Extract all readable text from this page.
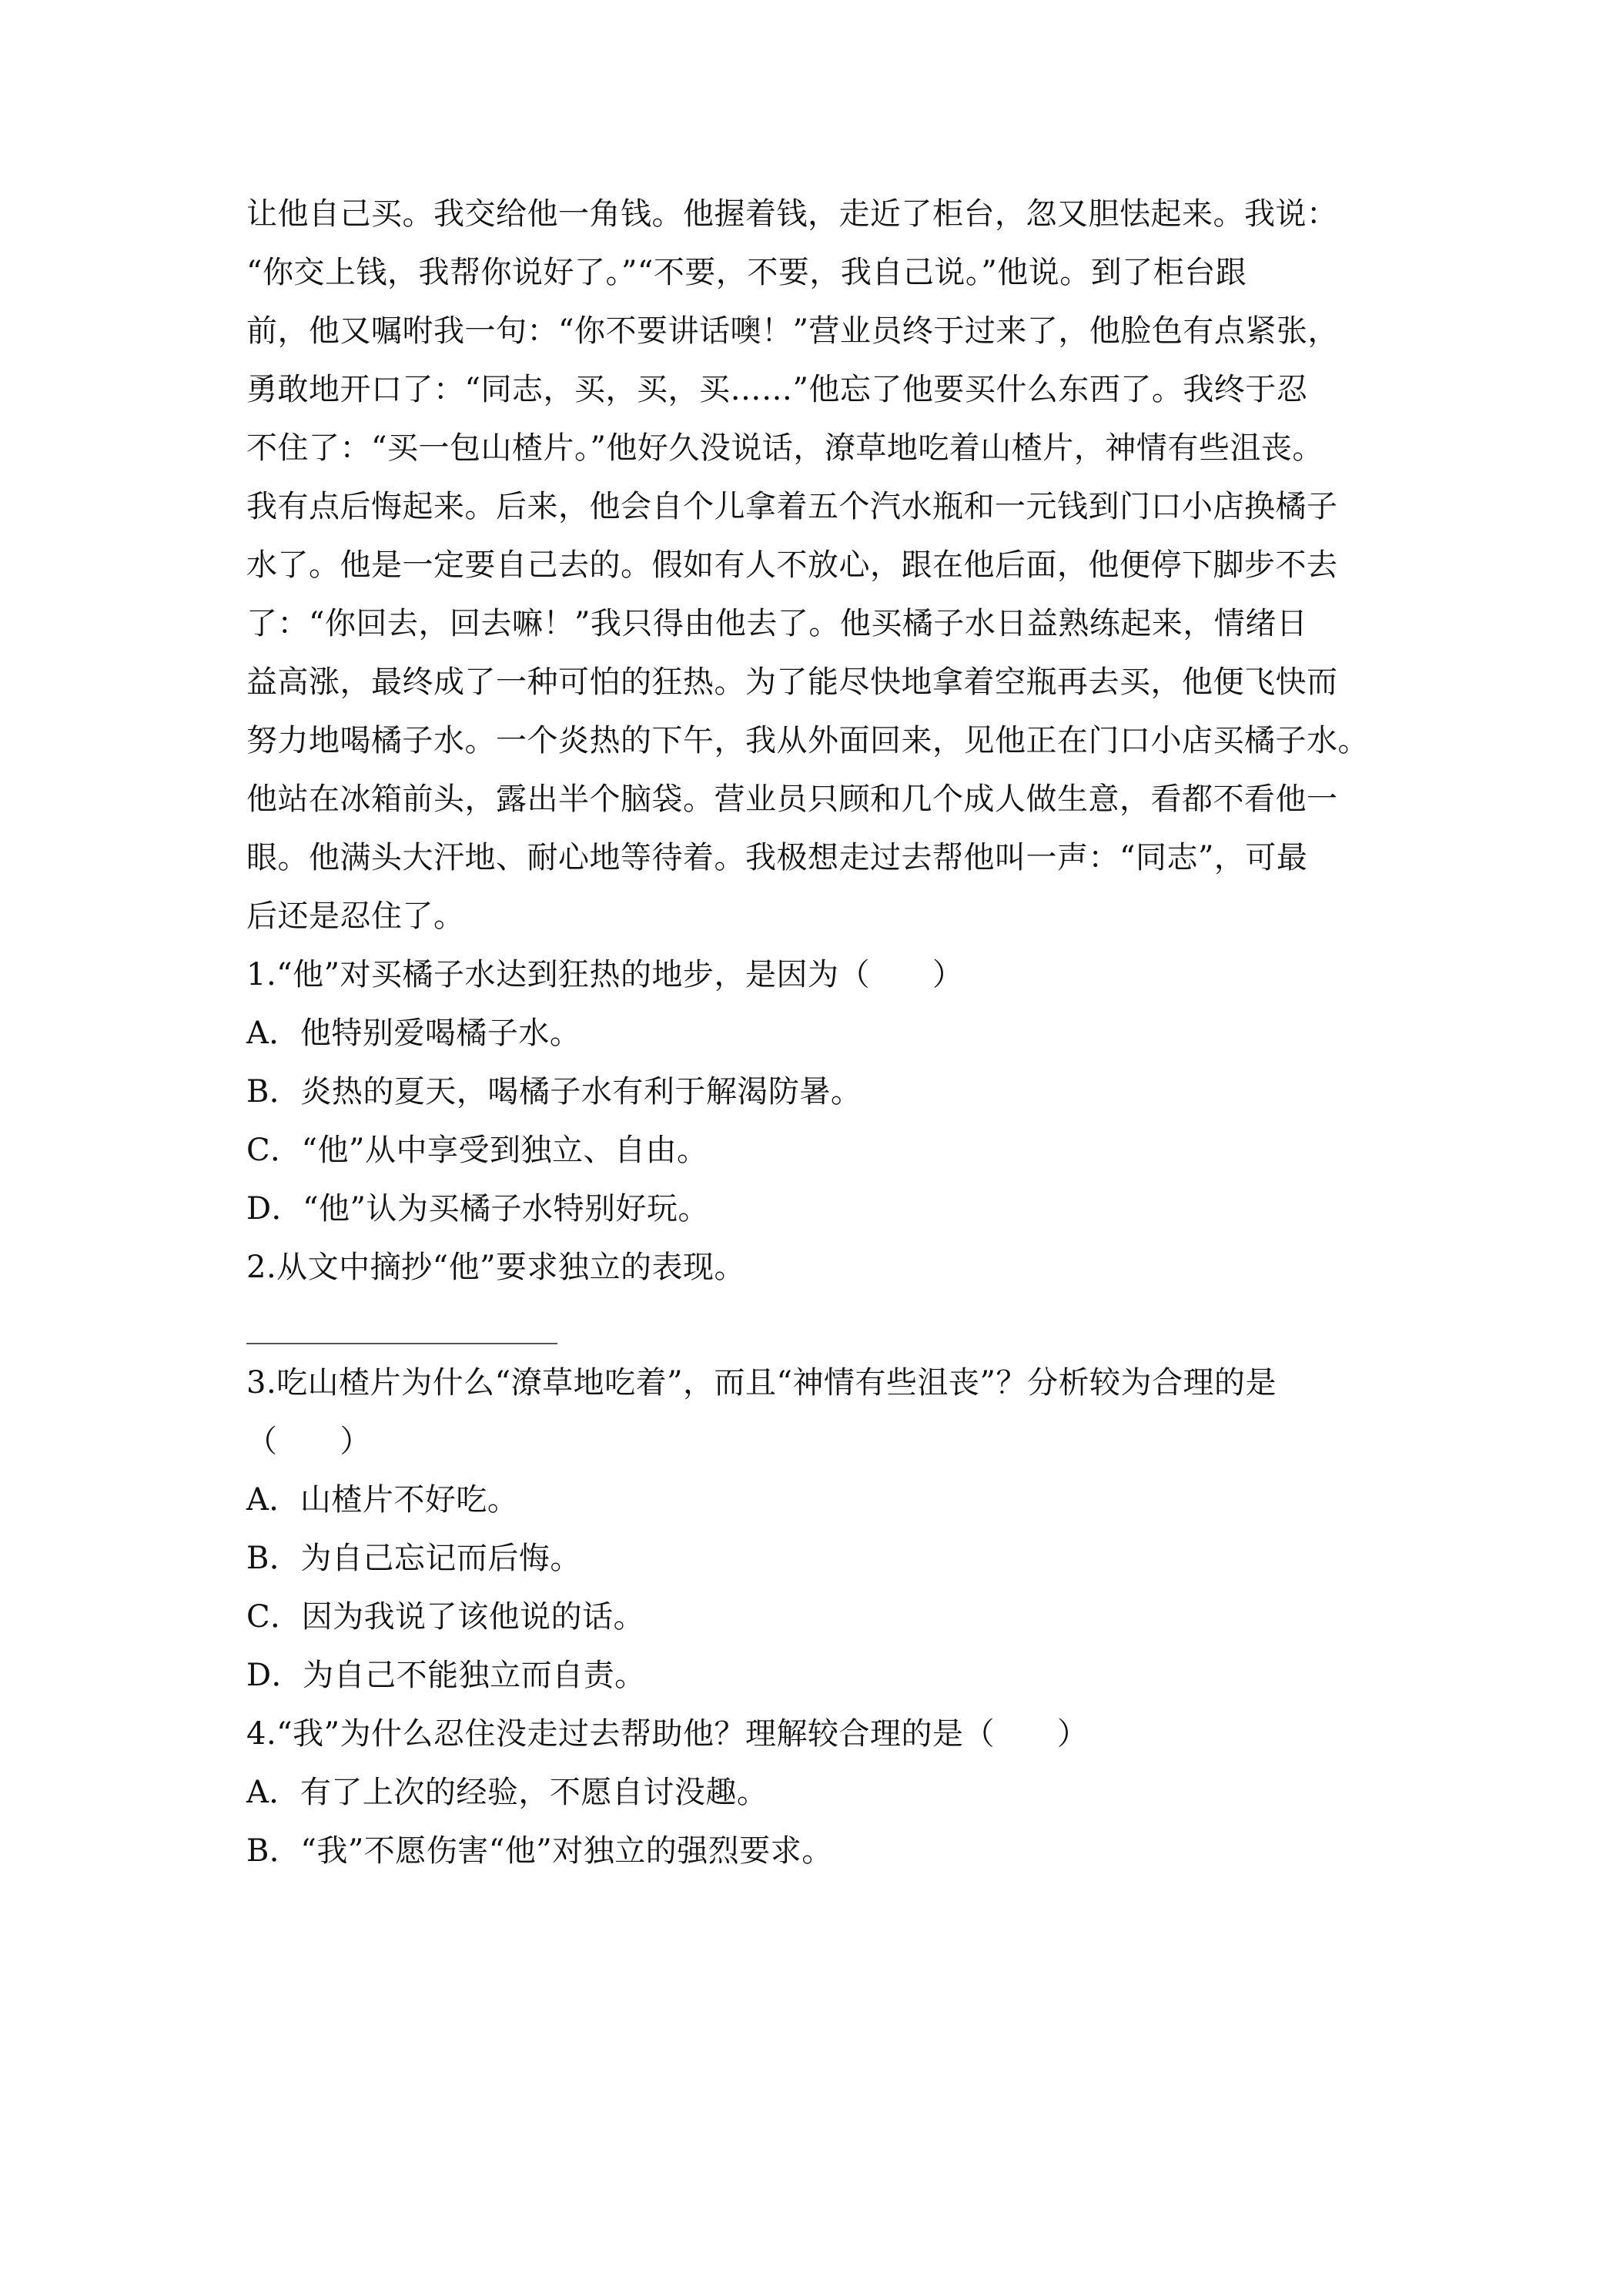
让他自己买。我交给他一角钱。他握着钱，走近了柜台，忽又胆怯起来。我说：
“你交上钱，我帮你说好了。”“不要，不要，我自己说。”他说。到了柜台跟
前，他又嘱咐我一句：“你不要讲话噢！”营业员终于过来了，他脸色有点紧张，
勇敢地开口了：“同志，买，买，买……”他忘了他要买什么东西了。我终于忍
不住了：“买一包山楂片。”他好久没说话，潦草地吃着山楂片，神情有些沮丧。
我有点后悔起来。后来，他会自个儿拿着五个汽水瓶和一元钱到门口小店换橘子
水了。他是一定要自己去的。假如有人不放心，跟在他后面，他便停下脚步不去
了：“你回去，回去嘛！”我只得由他去了。他买橘子水日益熟练起来，情绪日
益高涨，最终成了一种可怕的狂热。为了能尽快地拿着空瓶再去买，他便飞快而
努力地喝橘子水。一个炎热的下午，我从外面回来，见他正在门口小店买橘子水。
他站在冰箱前头，露出半个脑袋。营业员只顾和几个成人做生意，看都不看他一
眼。他满头大汗地、耐心地等待着。我极想走过去帮他叫一声：“同志”，可最
后还是忍住了。
1.“他”对买橘子水达到狂热的地步，是因为（　　）
A．他特别爱喝橘子水。
B．炎热的夏天，喝橘子水有利于解渴防暑。
C．“他”从中享受到独立、自由。
D．“他”认为买橘子水特别好玩。
2.从文中摘抄“他”要求独立的表现。
3.吃山楂片为什么“潦草地吃着”，而且“神情有些沮丧”？分析较为合理的是
（　　）
A．山楂片不好吃。
B．为自己忘记而后悔。
C．因为我说了该他说的话。
D．为自己不能独立而自责。
4.“我”为什么忍住没走过去帮助他？理解较合理的是（　　）
A．有了上次的经验，不愿自讨没趣。
B．“我”不愿伤害“他”对独立的强烈要求。
